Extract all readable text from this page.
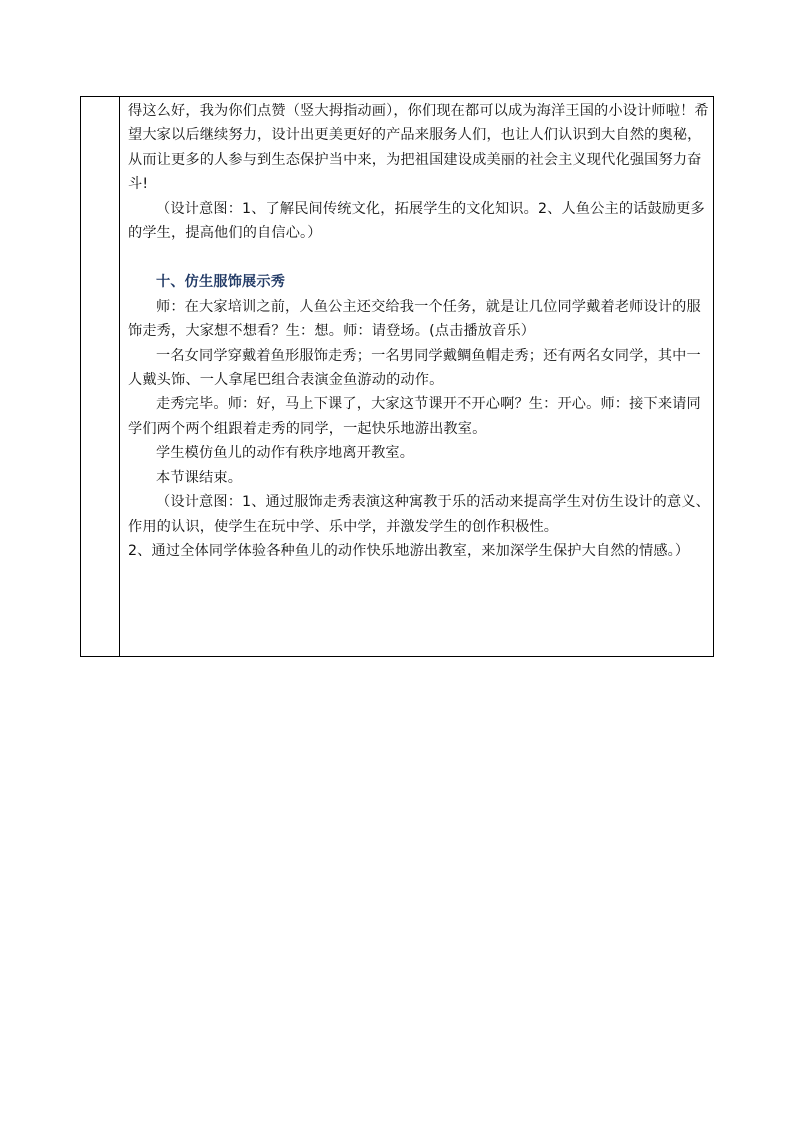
得这么好，我为你们点赞（竖大拇指动画），你们现在都可以成为海洋王国的小设计师啦！希望大家以后继续努力，设计出更美更好的产品来服务人们，也让人们认识到大自然的奥秘，从而让更多的人参与到生态保护当中来，为把祖国建设成美丽的社会主义现代化强国努力奋斗!

（设计意图：1、了解民间传统文化，拓展学生的文化知识。2、人鱼公主的话鼓励更多的学生，提高他们的自信心。）

十、仿生服饰展示秀

师：在大家培训之前，人鱼公主还交给我一个任务，就是让几位同学戴着老师设计的服饰走秀，大家想不想看？生：想。师：请登场。(点击播放音乐）

一名女同学穿戴着鱼形服饰走秀；一名男同学戴鲷鱼帽走秀；还有两名女同学，其中一人戴头饰、一人拿尾巴组合表演金鱼游动的动作。

走秀完毕。师：好，马上下课了，大家这节课开不开心啊？生：开心。师：接下来请同学们两个两个组跟着走秀的同学，一起快乐地游出教室。

学生模仿鱼儿的动作有秩序地离开教室。

本节课结束。

（设计意图：1、通过服饰走秀表演这种寓教于乐的活动来提高学生对仿生设计的意义、作用的认识，使学生在玩中学、乐中学，并激发学生的创作积极性。

2、通过全体同学体验各种鱼儿的动作快乐地游出教室，来加深学生保护大自然的情感。）
